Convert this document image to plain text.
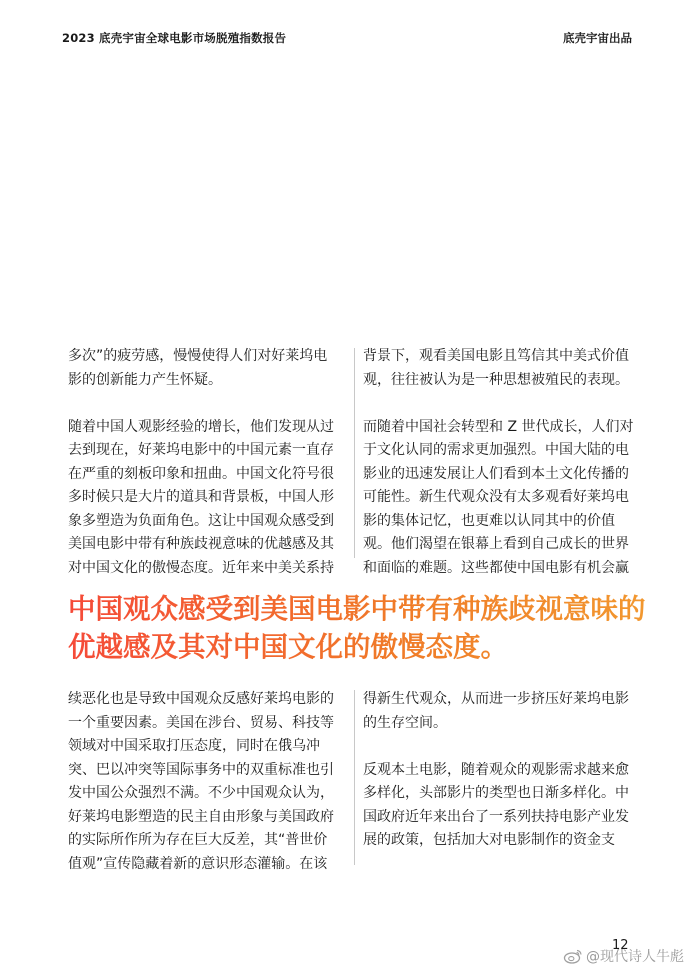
2023 底壳宇宙全球电影市场脱殖指数报告	底壳宇宙出品

多次”的疲劳感，慢慢使得人们对好莱坞电
影的创新能力产生怀疑。

随着中国人观影经验的增长，他们发现从过
去到现在，好莱坞电影中的中国元素一直存
在严重的刻板印象和扭曲。中国文化符号很
多时候只是大片的道具和背景板，中国人形
象多塑造为负面角色。这让中国观众感受到
美国电影中带有种族歧视意味的优越感及其
对中国文化的傲慢态度。近年来中美关系持

背景下，观看美国电影且笃信其中美式价值
观，往往被认为是一种思想被殖民的表现。

而随着中国社会转型和 Z 世代成长，人们对
于文化认同的需求更加强烈。中国大陆的电
影业的迅速发展让人们看到本土文化传播的
可能性。新生代观众没有太多观看好莱坞电
影的集体记忆，也更难以认同其中的价值
观。他们渴望在银幕上看到自己成长的世界
和面临的难题。这些都使中国电影有机会赢

中国观众感受到美国电影中带有种族歧视意味的
优越感及其对中国文化的傲慢态度。

续恶化也是导致中国观众反感好莱坞电影的
一个重要因素。美国在涉台、贸易、科技等
领域对中国采取打压态度，同时在俄乌冲
突、巴以冲突等国际事务中的双重标准也引
发中国公众强烈不满。不少中国观众认为，
好莱坞电影塑造的民主自由形象与美国政府
的实际所作所为存在巨大反差，其“普世价
值观”宣传隐藏着新的意识形态灌输。在该

得新生代观众，从而进一步挤压好莱坞电影
的生存空间。

反观本土电影，随着观众的观影需求越来愈
多样化，头部影片的类型也日渐多样化。中
国政府近年来出台了一系列扶持电影产业发
展的政策，包括加大对电影制作的资金支

12
@现代诗人牛彪
